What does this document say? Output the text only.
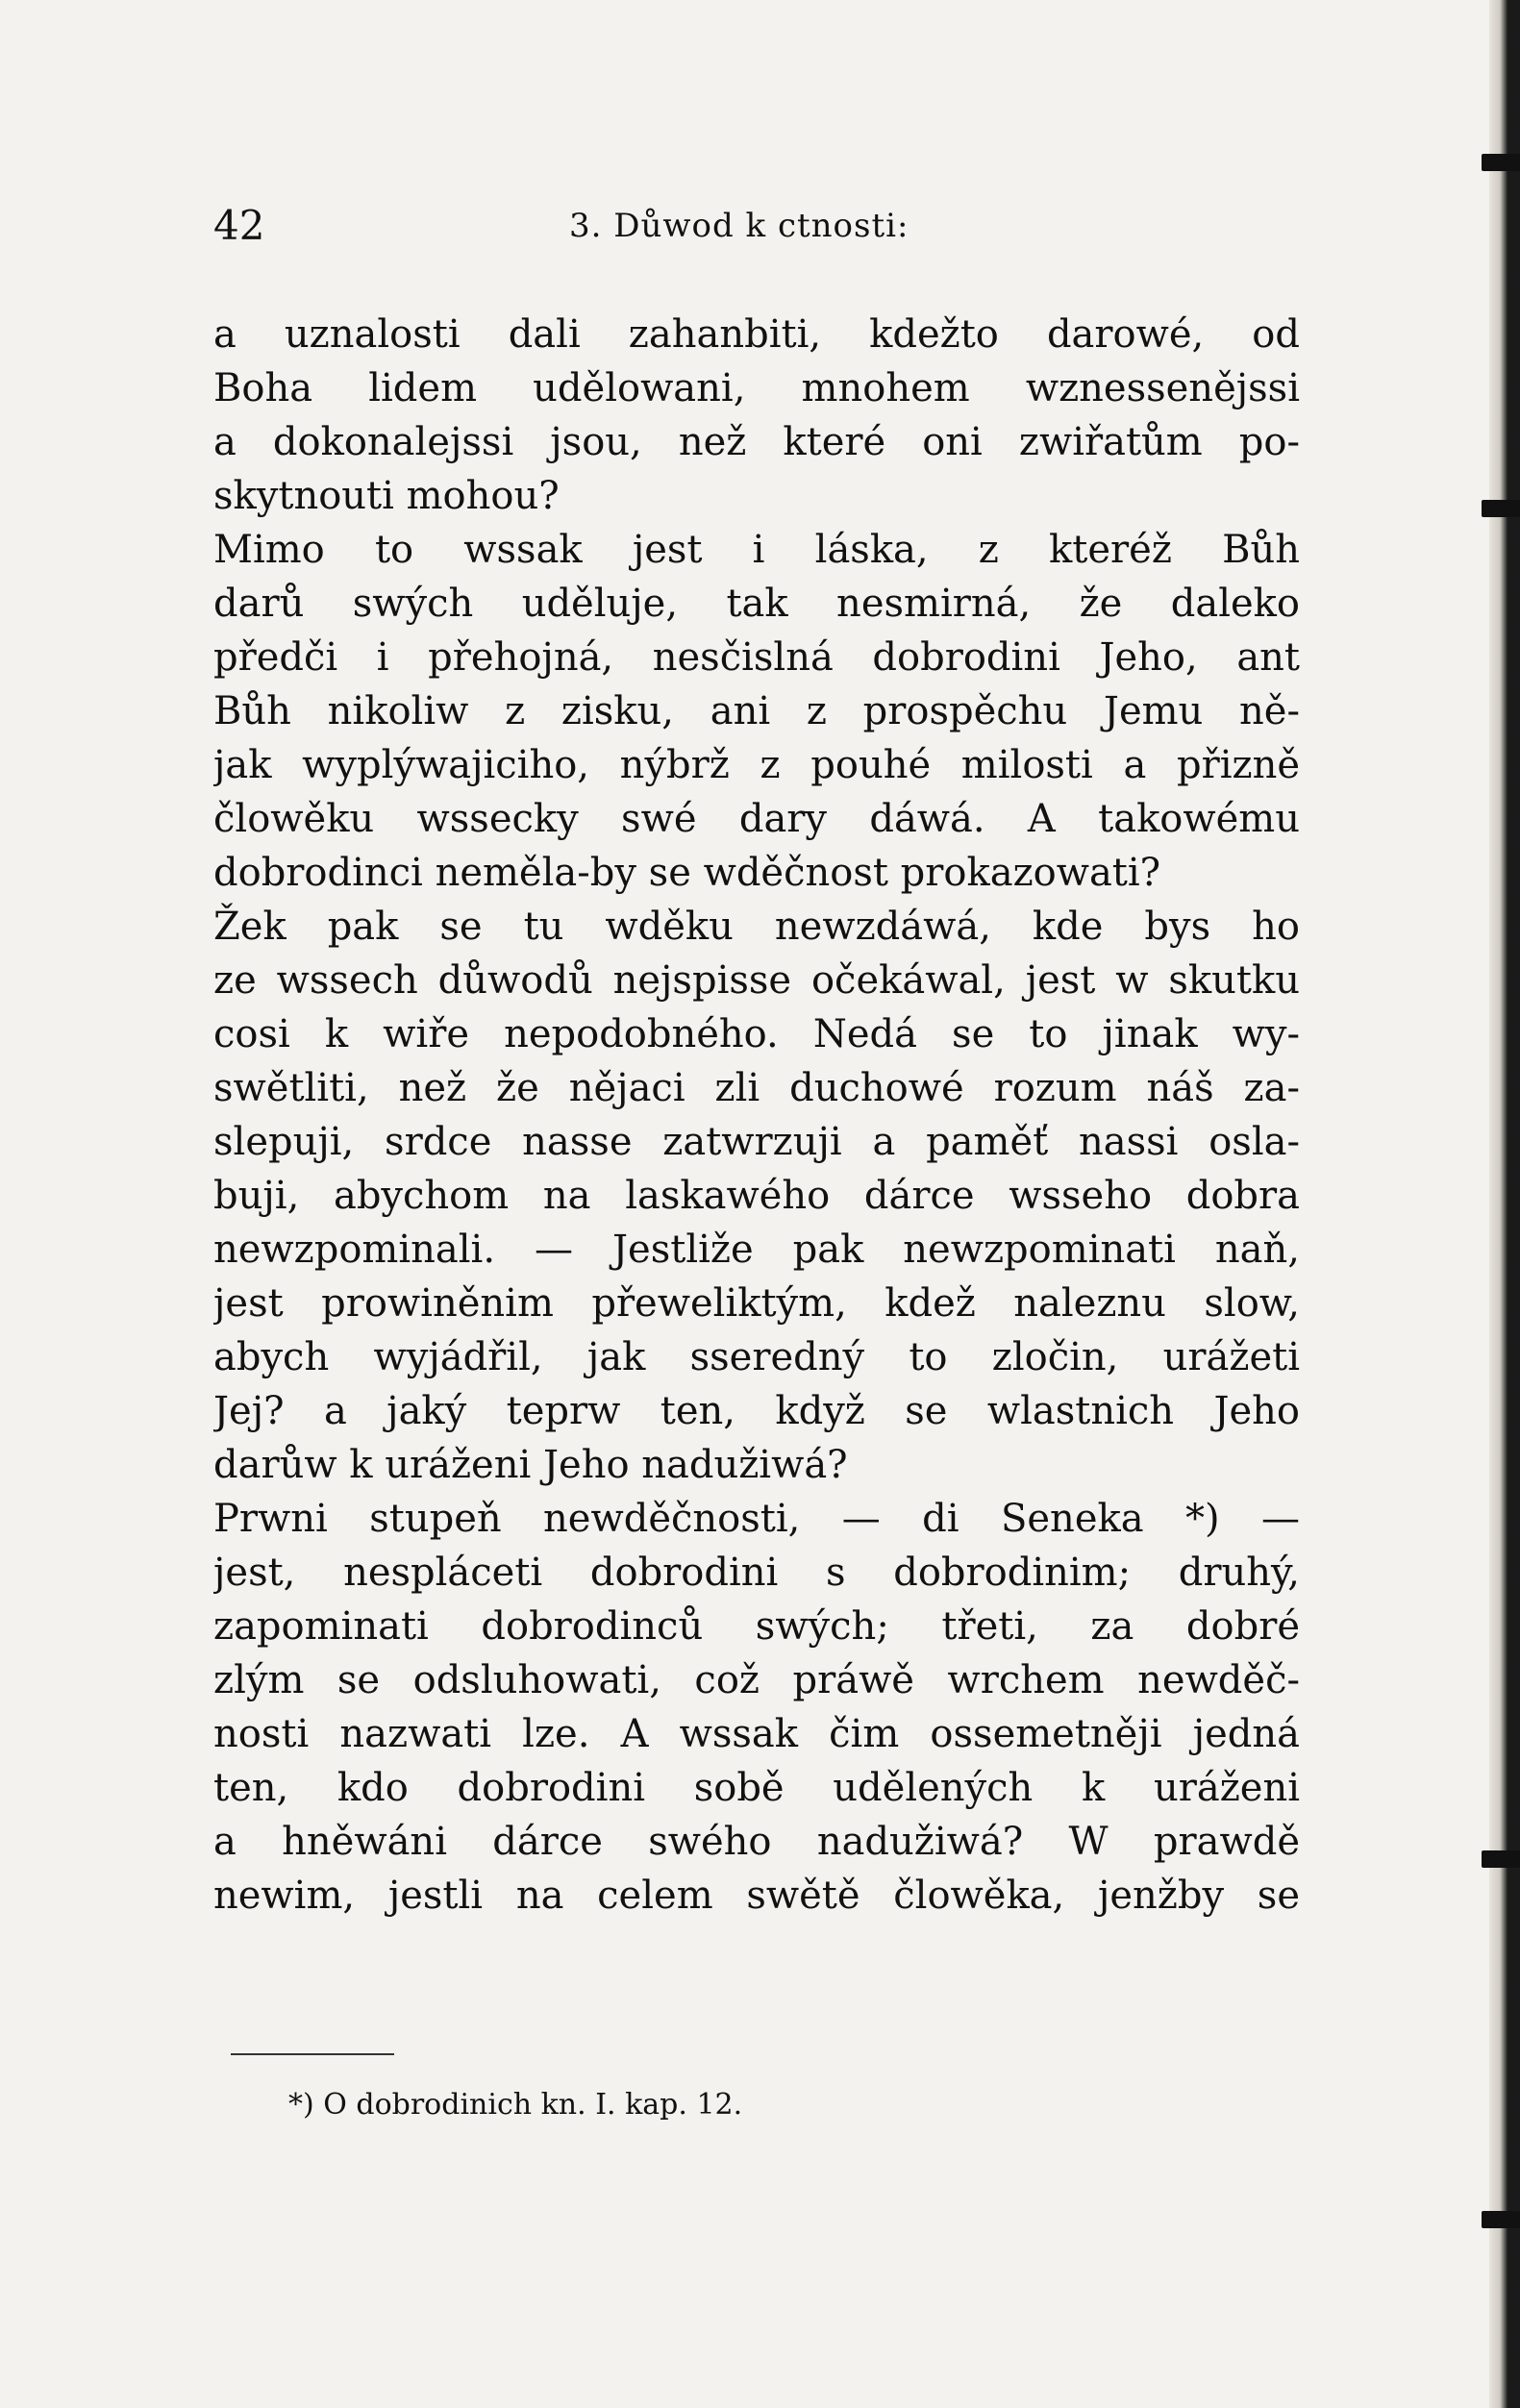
42	3. Důwod k ctnosti:
a uznalosti dali zahanbiti, kdežto darowé, od
Boha lidem udělowani, mnohem wznessenějssi
a dokonalejssi jsou, než které oni zwiřatům po-
skytnouti mohou?
Mimo to wssak jest i láska, z kteréž Bůh
darů swých uděluje, tak nesmirná, že daleko
předči i přehojná, nesčislná dobrodini Jeho, ant
Bůh nikoliw z zisku, ani z prospěchu Jemu ně-
jak wyplýwajiciho, nýbrž z pouhé milosti a přizně
člowěku wssecky swé dary dáwá. A takowému
dobrodinci neměla-by se wděčnost prokazowati?
Žek pak se tu wděku newzdáwá, kde bys ho
ze wssech důwodů nejspisse očekáwal, jest w skutku
cosi k wiře nepodobného. Nedá se to jinak wy-
swětliti, než že nějaci zli duchowé rozum náš za-
slepuji, srdce nasse zatwrzuji a paměť nassi osla-
buji, abychom na laskawého dárce wsseho dobra
newzpominali. — Jestliže pak newzpominati naň,
jest prowiněnim přeweliktým, kdež naleznu slow,
abych wyjádřil, jak sseredný to zločin, urážeti
Jej? a jaký teprw ten, když se wlastnich Jeho
darůw k uráženi Jeho nadužiwá?
Prwni stupeň newděčnosti, — di Seneka *) —
jest, nespláceti dobrodini s dobrodinim; druhý,
zapominati dobrodinců swých; třeti, za dobré
zlým se odsluhowati, což práwě wrchem newděč-
nosti nazwati lze. A wssak čim ossemetněji jedná
ten, kdo dobrodini sobě udělených k uráženi
a hněwáni dárce swého nadužiwá? W prawdě
newim, jestli na celem swětě člowěka, jenžby se
*) O dobrodinich kn. I. kap. 12.
